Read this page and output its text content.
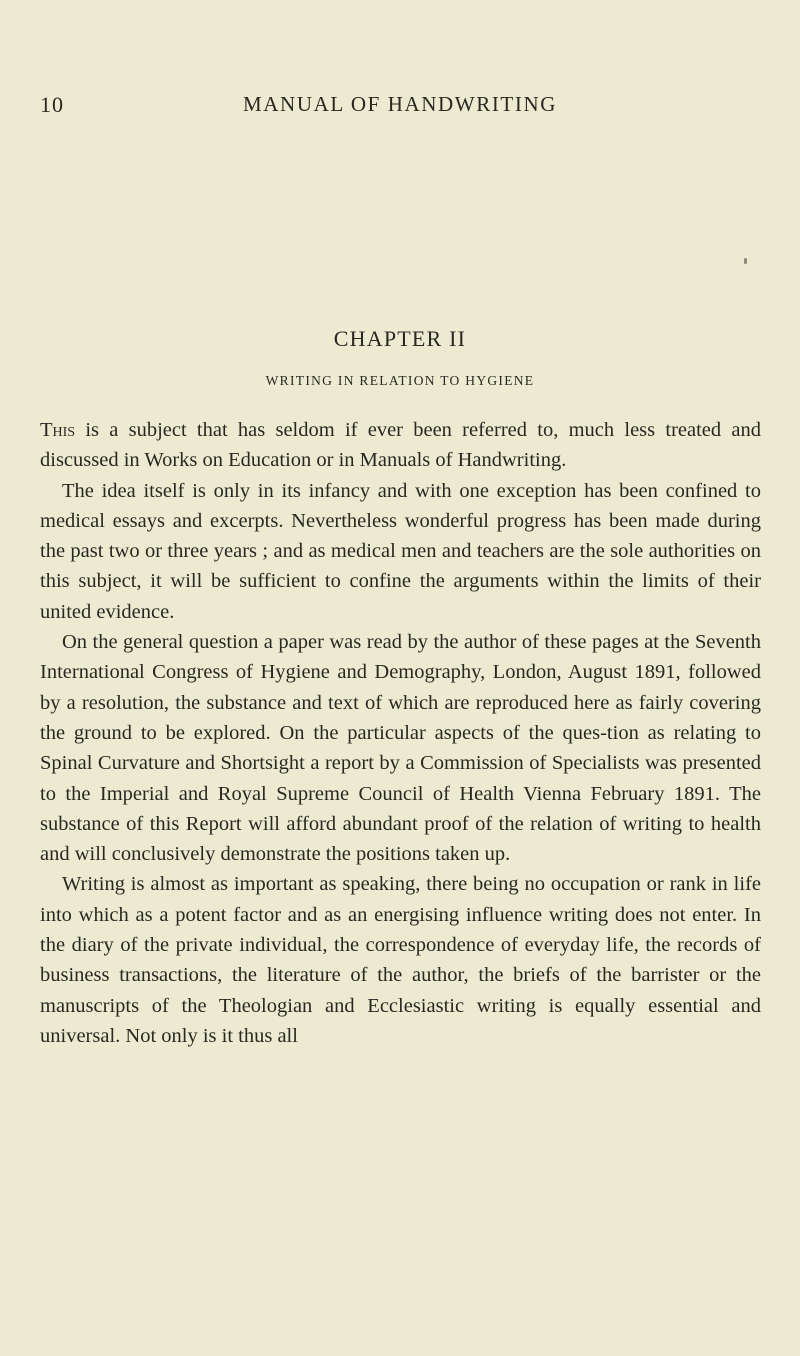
10	MANUAL OF HANDWRITING
CHAPTER II
WRITING IN RELATION TO HYGIENE

This is a subject that has seldom if ever been referred to, much less treated and discussed in Works on Education or in Manuals of Handwriting.

The idea itself is only in its infancy and with one exception has been confined to medical essays and excerpts. Nevertheless wonderful progress has been made during the past two or three years ; and as medical men and teachers are the sole authorities on this subject, it will be sufficient to confine the arguments within the limits of their united evidence.

On the general question a paper was read by the author of these pages at the Seventh International Congress of Hygiene and Demography, London, August 1891, followed by a resolution, the substance and text of which are reproduced here as fairly covering the ground to be explored. On the particular aspects of the ques-tion as relating to Spinal Curvature and Shortsight a report by a Commission of Specialists was presented to the Imperial and Royal Supreme Council of Health Vienna February 1891. The substance of this Report will afford abundant proof of the relation of writing to health and will conclusively demonstrate the positions taken up.

Writing is almost as important as speaking, there being no occupation or rank in life into which as a potent factor and as an energising influence writing does not enter. In the diary of the private individual, the correspondence of everyday life, the records of business transactions, the literature of the author, the briefs of the barrister or the manuscripts of the Theologian and Ecclesiastic writing is equally essential and universal. Not only is it thus all
